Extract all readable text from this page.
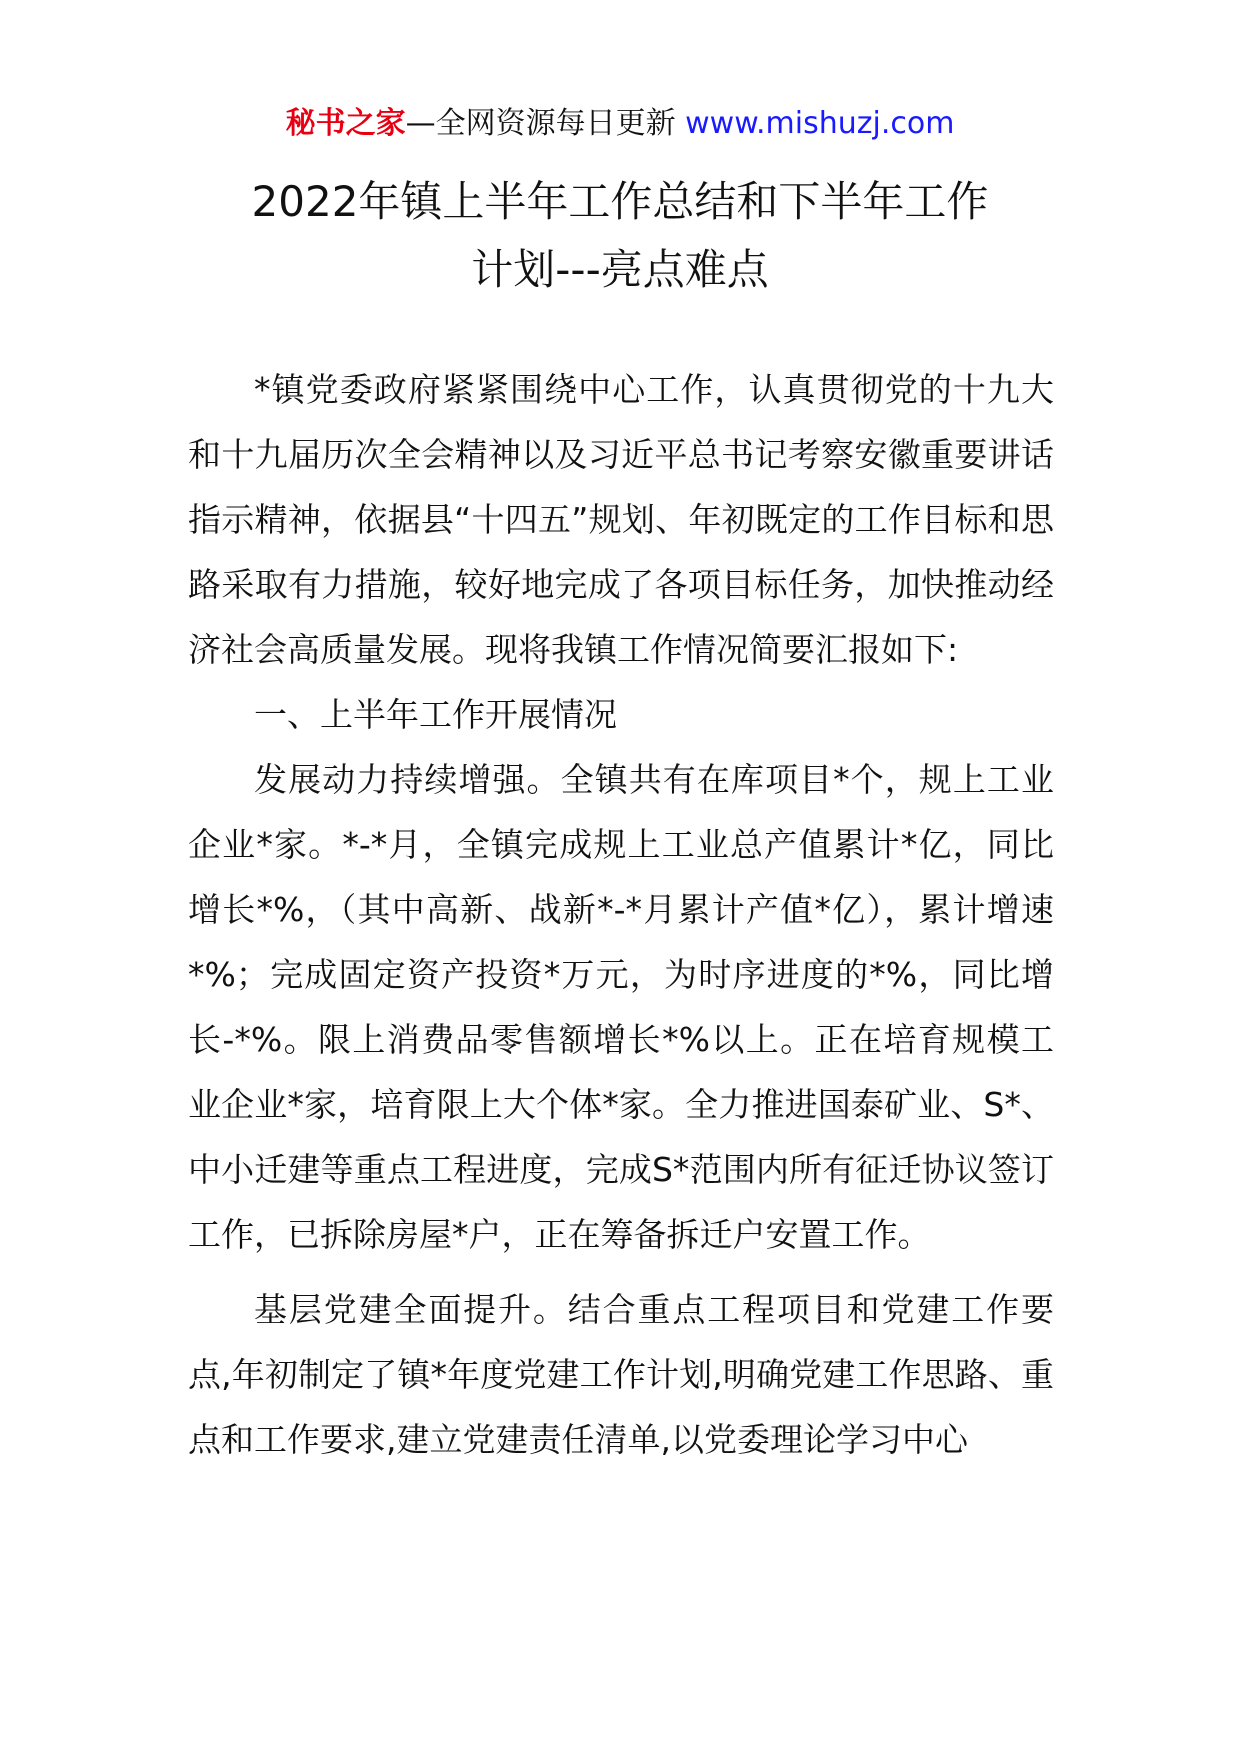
秘书之家—全网资源每日更新 www.mishuzj.com
2022年镇上半年工作总结和下半年工作
计划---亮点难点

*镇党委政府紧紧围绕中心工作，认真贯彻党的十九大和十九届历次全会精神以及习近平总书记考察安徽重要讲话指示精神，依据县“十四五”规划、年初既定的工作目标和思路采取有力措施，较好地完成了各项目标任务，加快推动经济社会高质量发展。现将我镇工作情况简要汇报如下:

一、上半年工作开展情况

发展动力持续增强。全镇共有在库项目*个，规上工业企业*家。*-*月，全镇完成规上工业总产值累计*亿，同比增长*%，（其中高新、战新*-*月累计产值*亿），累计增速*%；完成固定资产投资*万元，为时序进度的*%，同比增长-*%。限上消费品零售额增长*%以上。正在培育规模工业企业*家，培育限上大个体*家。全力推进国泰矿业、S*、中小迁建等重点工程进度，完成S*范围内所有征迁协议签订工作，已拆除房屋*户，正在筹备拆迁户安置工作。

基层党建全面提升。结合重点工程项目和党建工作要点,年初制定了镇*年度党建工作计划,明确党建工作思路、重点和工作要求,建立党建责任清单,以党委理论学习中心
